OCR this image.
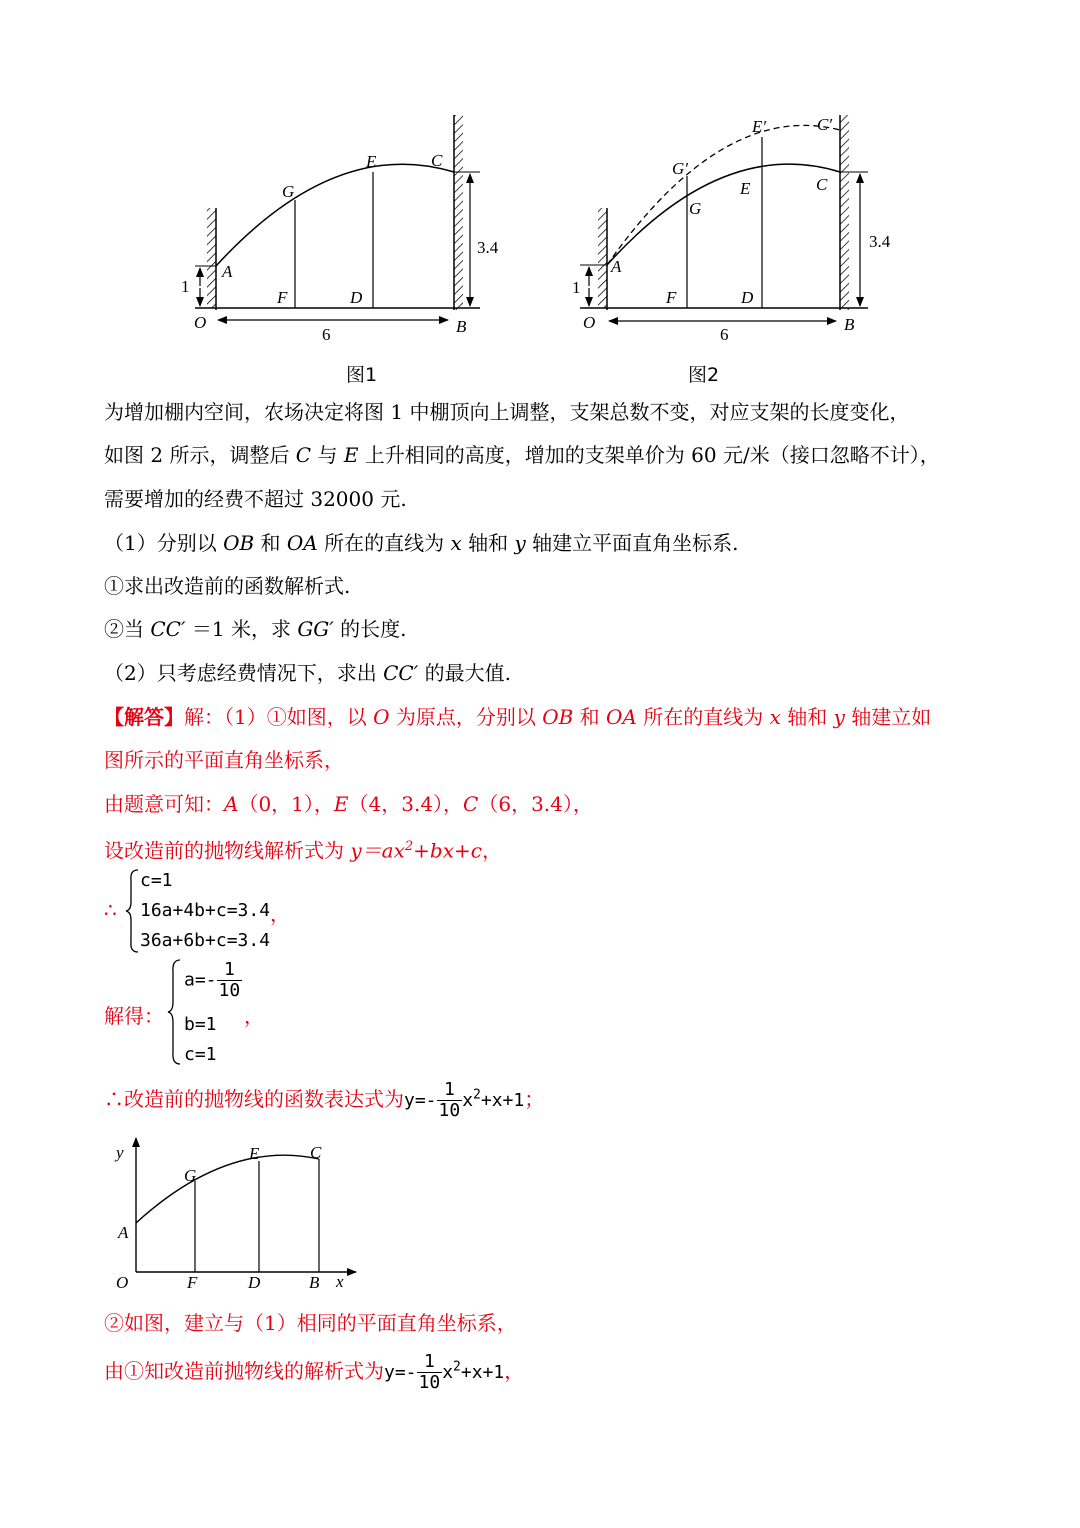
A
G
E	C
F	D
O	B
6
3.4
1
图1
A
G
E	C
G′
E′	C′
F	D
O	B
6
3.4
1
图2
为增加棚内空间，农场决定将图 1 中棚顶向上调整，支架总数不变，对应支架的长度变化，
如图 2 所示，调整后 C 与 E 上升相同的高度，增加的支架单价为 60 元/米（接口忽略不计），
需要增加的经费不超过 32000 元.
（1）分别以 OB 和 OA 所在的直线为 x 轴和 y 轴建立平面直角坐标系.
①求出改造前的函数解析式.
②当 CC′ ＝1 米，求 GG′ 的长度.
（2）只考虑经费情况下，求出 CC′ 的最大值.
【解答】解：（1）①如图，以 O 为原点，分别以 OB 和 OA 所在的直线为 x 轴和 y 轴建立如
图所示的平面直角坐标系，
由题意可知：A（0，1），E（4，3.4），C（6，3.4），
设改造前的抛物线解析式为 $y=ax^2+bx+c$，
∴
c=1
16a+4b+c=3.4
36a+6b+c=3.4
，
解得：
$a=- \frac{1}{10}$
b=1
c=1
，
∴改造前的抛物线的函数表达式为$y=- \frac{1}{10} x^2+x+1$；
y
x
O
A
G
E	C
F	D	B
②如图，建立与（1）相同的平面直角坐标系，
由①知改造前抛物线的解析式为$y=- \frac{1}{10} x^2+x+1$，
